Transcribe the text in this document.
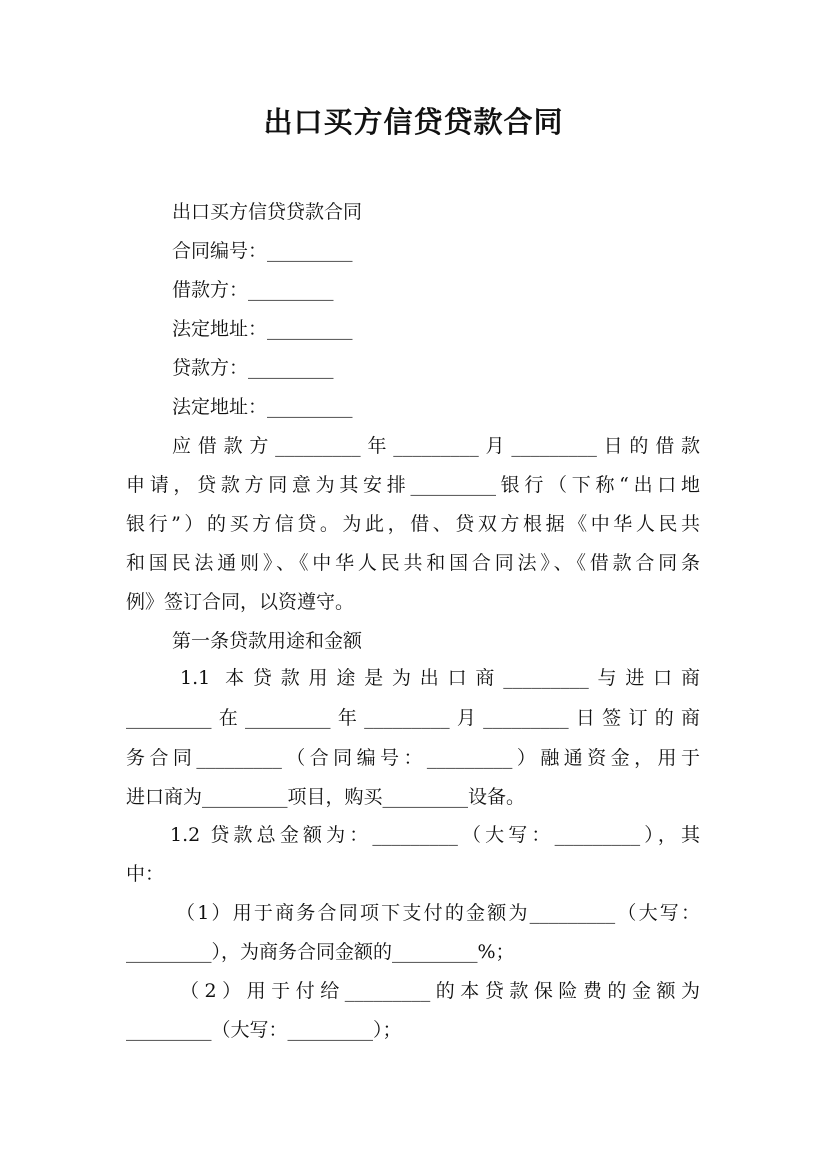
出口买方信贷贷款合同
出口买方信贷贷款合同
合同编号：_________
借款方：_________
法定地址：_________
贷款方：_________
法定地址：_________
应借款方_________年_________月_________日的借款
申请，贷款方同意为其安排_________银行（下称“出口地
银行”）的买方信贷。为此，借、贷双方根据《中华人民共
和国民法通则》、《中华人民共和国合同法》、《借款合同条
例》签订合同，以资遵守。
第一条贷款用途和金额
1.1 本贷款用途是为出口商_________与进口商
_________在_________年_________月_________日签订的商
务合同_________（合同编号：_________）融通资金，用于
进口商为_________项目，购买_________设备。
1.2 贷款总金额为：_________（大写：_________），其
中：
（1）用于商务合同项下支付的金额为_________（大写：
_________），为商务合同金额的_________%；
（2）用于付给_________的本贷款保险费的金额为
_________（大写：_________）；
